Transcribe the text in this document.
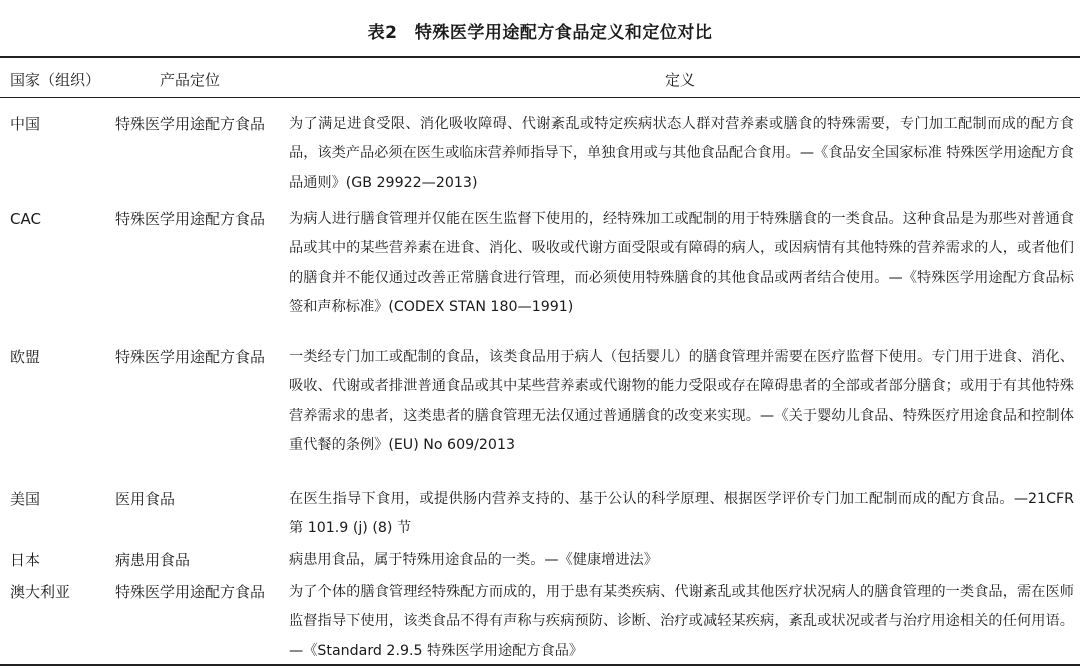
表2　特殊医学用途配方食品定义和定位对比
国家（组织）	产品定位	定义
中国	特殊医学用途配方食品	为了满足进食受限、消化吸收障碍、代谢紊乱或特定疾病状态人群对营养素或膳食的特殊需要，专门加工配制而成的配方食品，该类产品必须在医生或临床营养师指导下，单独食用或与其他食品配合食用。—《食品安全国家标准 特殊医学用途配方食品通则》(GB 29922—2013)
CAC	特殊医学用途配方食品	为病人进行膳食管理并仅能在医生监督下使用的，经特殊加工或配制的用于特殊膳食的一类食品。这种食品是为那些对普通食品或其中的某些营养素在进食、消化、吸收或代谢方面受限或有障碍的病人，或因病情有其他特殊的营养需求的人，或者他们的膳食并不能仅通过改善正常膳食进行管理，而必须使用特殊膳食的其他食品或两者结合使用。—《特殊医学用途配方食品标签和声称标准》(CODEX STAN 180—1991)
欧盟	特殊医学用途配方食品	一类经专门加工或配制的食品，该类食品用于病人（包括婴儿）的膳食管理并需要在医疗监督下使用。专门用于进食、消化、吸收、代谢或者排泄普通食品或其中某些营养素或代谢物的能力受限或存在障碍患者的全部或者部分膳食；或用于有其他特殊营养需求的患者，这类患者的膳食管理无法仅通过普通膳食的改变来实现。—《关于婴幼儿食品、特殊医疗用途食品和控制体重代餐的条例》(EU) No 609/2013
美国	医用食品	在医生指导下食用，或提供肠内营养支持的、基于公认的科学原理、根据医学评价专门加工配制而成的配方食品。—21CFR 第 101.9 (j) (8) 节
日本	病患用食品	病患用食品，属于特殊用途食品的一类。—《健康增进法》
澳大利亚	特殊医学用途配方食品	为了个体的膳食管理经特殊配方而成的，用于患有某类疾病、代谢紊乱或其他医疗状况病人的膳食管理的一类食品，需在医师监督指导下使用，该类食品不得有声称与疾病预防、诊断、治疗或减轻某疾病，紊乱或状况或者与治疗用途相关的任何用语。—《Standard 2.9.5 特殊医学用途配方食品》
